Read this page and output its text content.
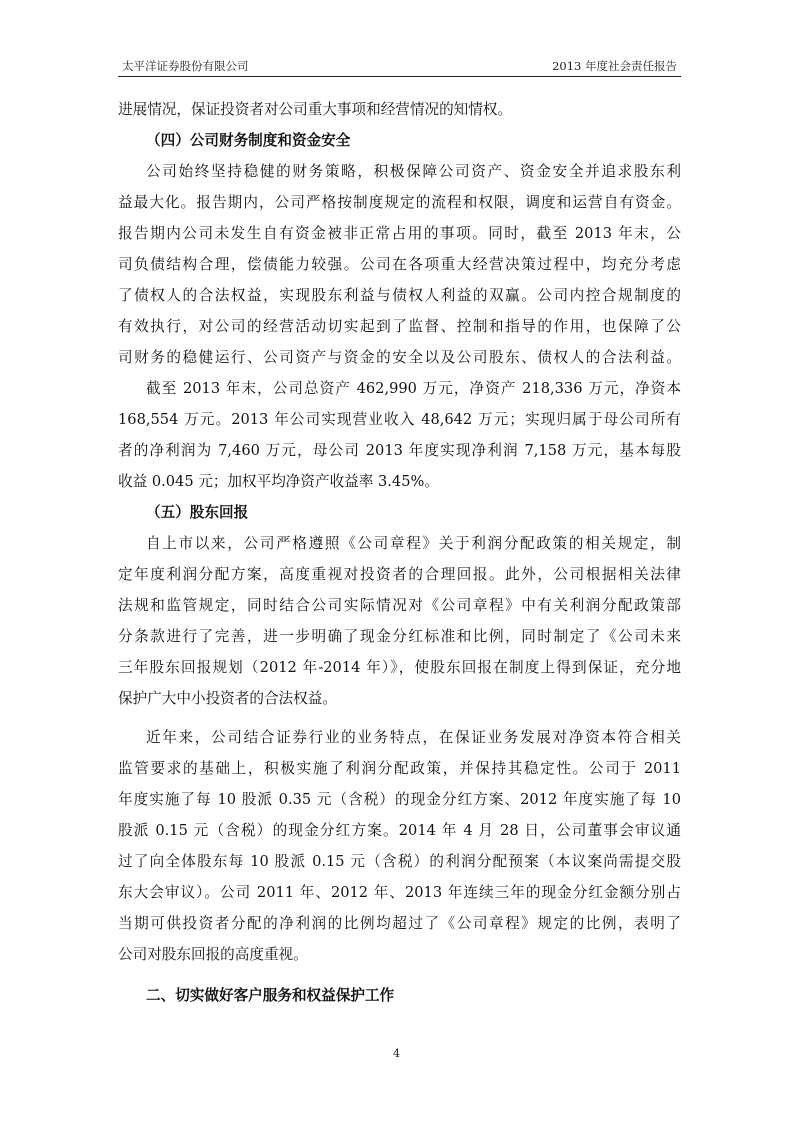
太平洋证券股份有限公司	2013 年度社会责任报告
进展情况，保证投资者对公司重大事项和经营情况的知情权。
（四）公司财务制度和资金安全
公司始终坚持稳健的财务策略，积极保障公司资产、资金安全并追求股东利
益最大化。报告期内，公司严格按制度规定的流程和权限，调度和运营自有资金。
报告期内公司未发生自有资金被非正常占用的事项。同时，截至 2013 年末，公
司负债结构合理，偿债能力较强。公司在各项重大经营决策过程中，均充分考虑
了债权人的合法权益，实现股东利益与债权人利益的双赢。公司内控合规制度的
有效执行，对公司的经营活动切实起到了监督、控制和指导的作用，也保障了公
司财务的稳健运行、公司资产与资金的安全以及公司股东、债权人的合法利益。
截至 2013 年末，公司总资产 462,990 万元，净资产 218,336 万元，净资本
168,554 万元。2013 年公司实现营业收入 48,642 万元；实现归属于母公司所有
者的净利润为 7,460 万元，母公司 2013 年度实现净利润 7,158 万元，基本每股
收益 0.045 元；加权平均净资产收益率 3.45%。
（五）股东回报
自上市以来，公司严格遵照《公司章程》关于利润分配政策的相关规定，制
定年度利润分配方案，高度重视对投资者的合理回报。此外，公司根据相关法律
法规和监管规定，同时结合公司实际情况对《公司章程》中有关利润分配政策部
分条款进行了完善，进一步明确了现金分红标准和比例，同时制定了《公司未来
三年股东回报规划（2012 年-2014 年）》，使股东回报在制度上得到保证，充分地
保护广大中小投资者的合法权益。
近年来，公司结合证券行业的业务特点，在保证业务发展对净资本符合相关
监管要求的基础上，积极实施了利润分配政策，并保持其稳定性。公司于 2011
年度实施了每 10 股派 0.35 元（含税）的现金分红方案、2012 年度实施了每 10
股派 0.15 元（含税）的现金分红方案。2014 年 4 月 28 日，公司董事会审议通
过了向全体股东每 10 股派 0.15 元（含税）的利润分配预案（本议案尚需提交股
东大会审议）。公司 2011 年、2012 年、2013 年连续三年的现金分红金额分别占
当期可供投资者分配的净利润的比例均超过了《公司章程》规定的比例，表明了
公司对股东回报的高度重视。
二、切实做好客户服务和权益保护工作
4
